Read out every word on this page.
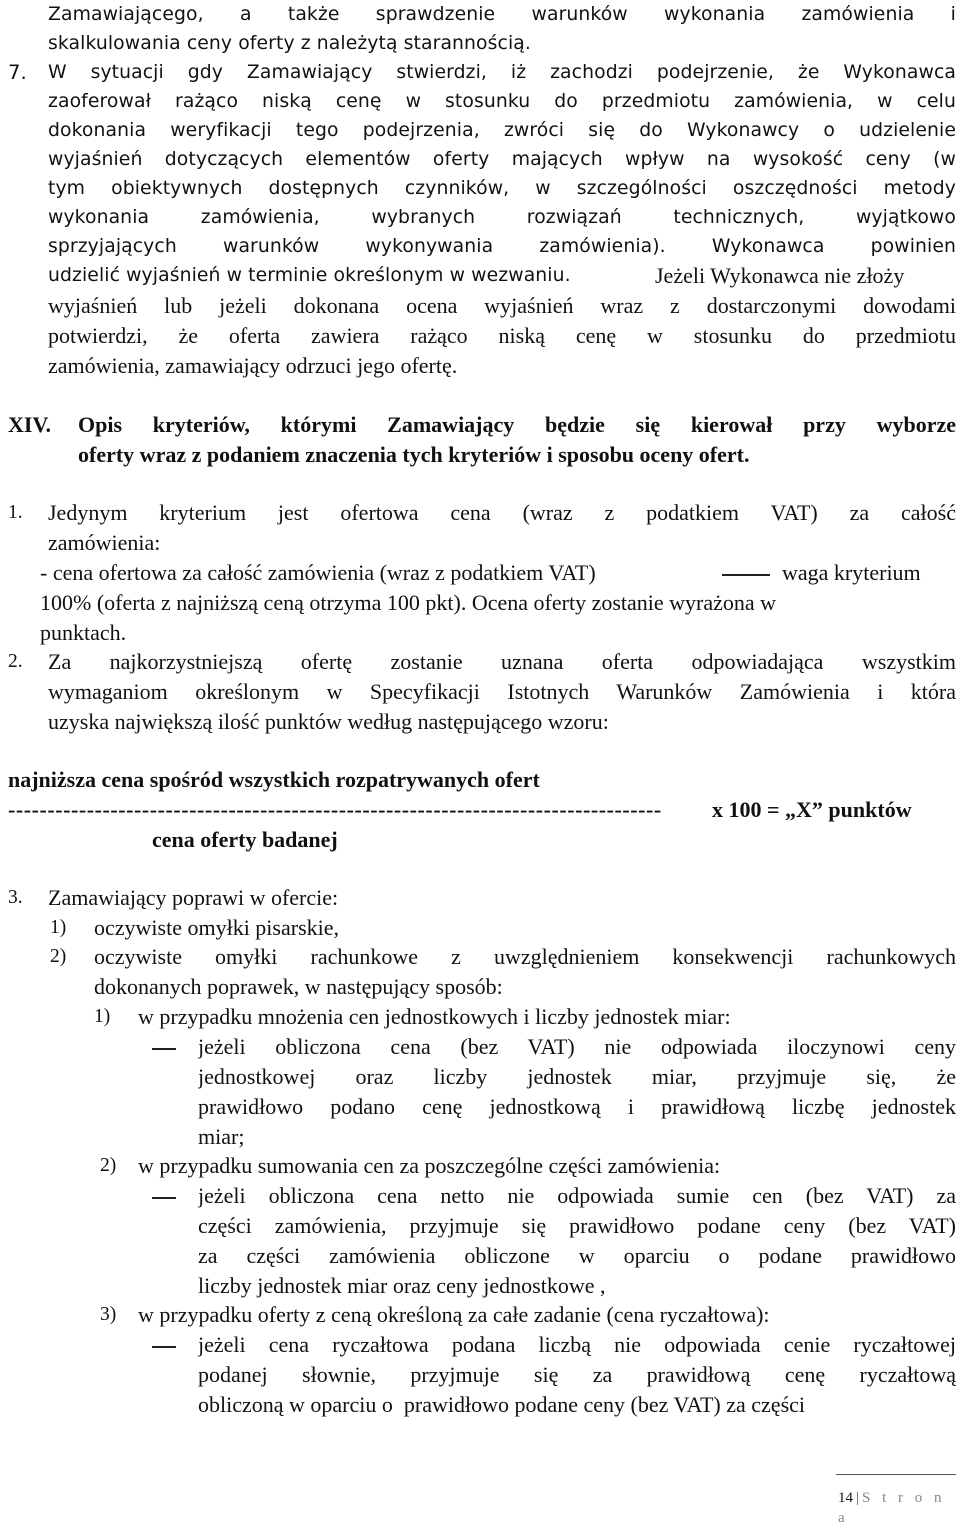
Zamawiającego, a także sprawdzenie warunków wykonania zamówienia i
skalkulowania ceny oferty z należytą starannością.
7. W sytuacji gdy Zamawiający stwierdzi, iż zachodzi podejrzenie, że Wykonawca
zaoferował rażąco niską cenę w stosunku do przedmiotu zamówienia, w celu
dokonania weryfikacji tego podejrzenia, zwróci się do Wykonawcy o udzielenie
wyjaśnień dotyczących elementów oferty mających wpływ na wysokość ceny (w
tym obiektywnych dostępnych czynników, w szczególności oszczędności metody
wykonania zamówienia, wybranych rozwiązań technicznych, wyjątkowo
sprzyjających warunków wykonywania zamówienia). Wykonawca powinien
udzielić wyjaśnień w terminie określonym w wezwaniu.	Jeżeli Wykonawca nie złoży
wyjaśnień lub jeżeli dokonana ocena wyjaśnień wraz z dostarczonymi dowodami
potwierdzi, że oferta zawiera rażąco niską cenę w stosunku do przedmiotu
zamówienia, zamawiający odrzuci jego ofertę.
XIV. Opis kryteriów, którymi Zamawiający będzie się kierował przy wyborze
oferty wraz z podaniem znaczenia tych kryteriów i sposobu oceny ofert.
1. Jedynym kryterium jest ofertowa cena (wraz z podatkiem VAT) za całość
zamówienia:
- cena ofertowa za całość zamówienia (wraz z podatkiem VAT)	waga kryterium
100% (oferta z najniższą ceną otrzyma 100 pkt). Ocena oferty zostanie wyrażona w
punktach.
2. Za najkorzystniejszą ofertę zostanie uznana oferta odpowiadająca wszystkim
wymaganiom określonym w Specyfikacji Istotnych Warunków Zamówienia i która
uzyska największą ilość punktów według następującego wzoru:
najniższa cena spośród wszystkich rozpatrywanych ofert
-----------------------------------------------------------------------------------	x 100 = „X” punktów
cena oferty badanej
3. Zamawiający poprawi w ofercie:
1) oczywiste omyłki pisarskie,
2) oczywiste omyłki rachunkowe z uwzględnieniem konsekwencji rachunkowych
dokonanych poprawek, w następujący sposób:
1) w przypadku mnożenia cen jednostkowych i liczby jednostek miar:
jeżeli obliczona cena (bez VAT) nie odpowiada iloczynowi ceny
jednostkowej oraz liczby jednostek miar, przyjmuje się, że
prawidłowo podano cenę jednostkową i prawidłową liczbę jednostek
miar;
2) w przypadku sumowania cen za poszczególne części zamówienia:
jeżeli obliczona cena netto nie odpowiada sumie cen (bez VAT) za
części zamówienia, przyjmuje się prawidłowo podane ceny (bez VAT)
za części zamówienia obliczone w oparciu o podane prawidłowo
liczby jednostek miar oraz ceny jednostkowe ,
3) w przypadku oferty z ceną określoną za całe zadanie (cena ryczałtowa):
jeżeli cena ryczałtowa podana liczbą nie odpowiada cenie ryczałtowej
podanej słownie, przyjmuje się za prawidłową cenę ryczałtową
obliczoną w oparciu o  prawidłowo podane ceny (bez VAT) za części
14 | S t r o n a
